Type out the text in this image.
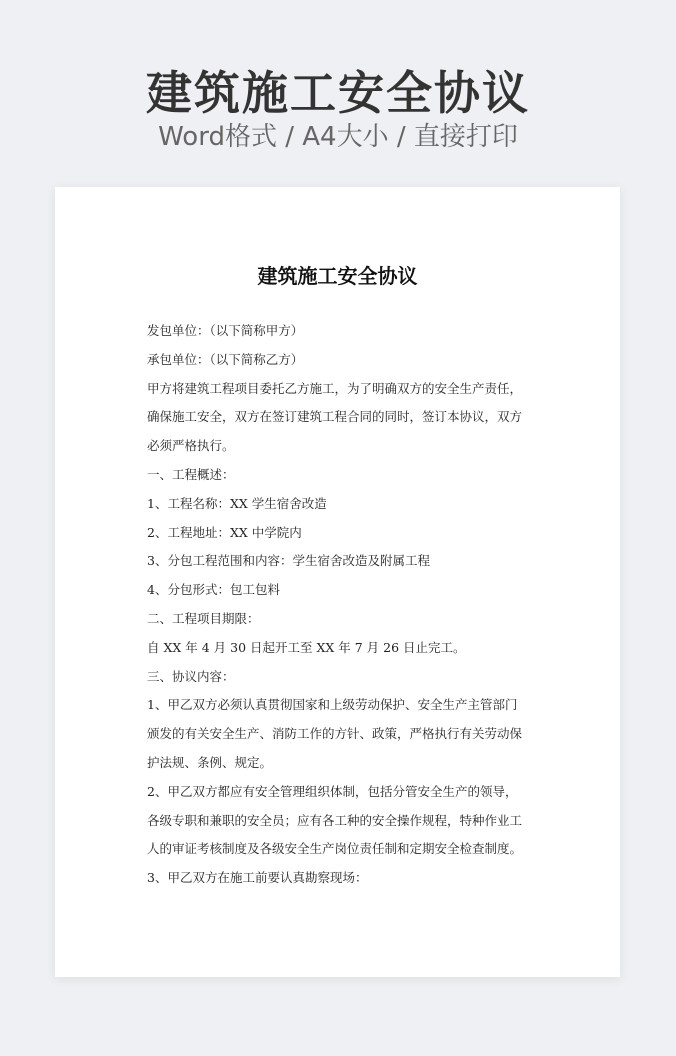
建筑施工安全协议
Word格式 / A4大小 / 直接打印
建筑施工安全协议
发包单位：（以下简称甲方）
承包单位：（以下简称乙方）
甲方将建筑工程项目委托乙方施工，为了明确双方的安全生产责任，
确保施工安全，双方在签订建筑工程合同的同时，签订本协议，双方
必须严格执行。
一、工程概述：
1、工程名称：XX 学生宿舍改造
2、工程地址：XX 中学院内
3、分包工程范围和内容：学生宿舍改造及附属工程
4、分包形式：包工包料
二、工程项目期限：
自 XX 年 4 月 30 日起开工至 XX 年 7 月 26 日止完工。
三、协议内容：
1、甲乙双方必须认真贯彻国家和上级劳动保护、安全生产主管部门
颁发的有关安全生产、消防工作的方针、政策，严格执行有关劳动保
护法规、条例、规定。
2、甲乙双方都应有安全管理组织体制，包括分管安全生产的领导，
各级专职和兼职的安全员；应有各工种的安全操作规程，特种作业工
人的审证考核制度及各级安全生产岗位责任制和定期安全检查制度。
3、甲乙双方在施工前要认真勘察现场：
